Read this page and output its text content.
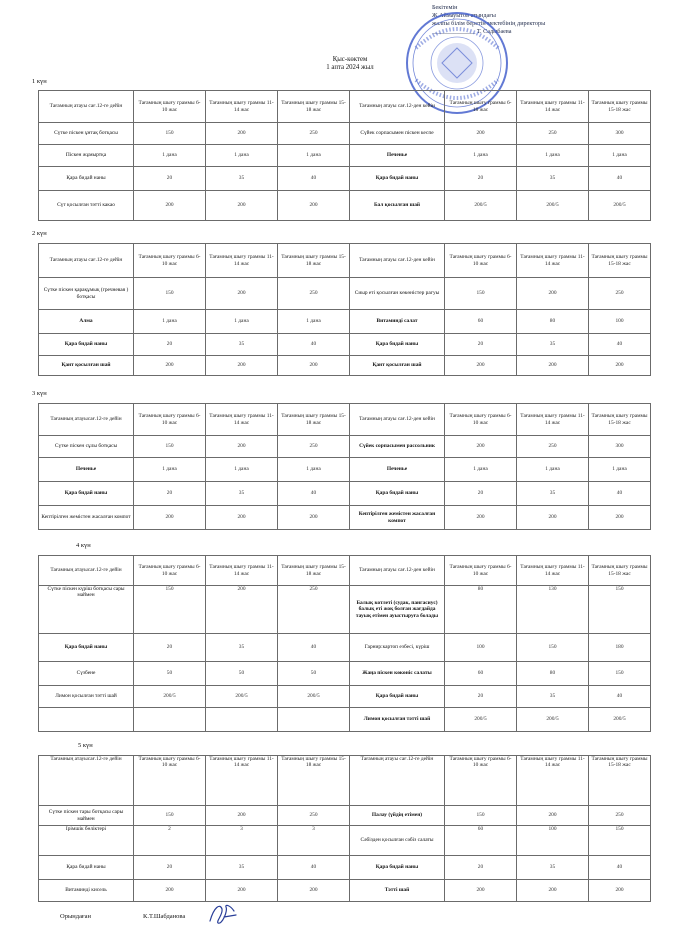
Бекітемін
Ж.Аймауытов атындағы
жалпы білім беретін мектебінің директоры
______________ Т. Садыбаева
Қыс-көктем
1 апта 2024 жыл
1 күн
Тағамның атауы сағ.12-ге дейін	Тағамның шығу граммы 6-10 жас	Тағамның шығу граммы 11-14 жас	Тағамның шығу граммы 15-18 жас	Тағамның атауы сағ.12-ден кейін	Тағамның шығу граммы 6-10 жас	Тағамның шығу граммы 11-14 жас	Тағамның шығу граммы 15-18 жас
Сүтке піскен ұнтақ ботқасы	150	200	250	Сүйек сорпасымен піскен кеспе	200	250	300
Піскен жұмыртқа	1 дана	1 дана	1 дана	Печенье	1 дана	1 дана	1 дана
Қара бидай наны	20	35	40	Қара бидай наны	20	35	40
Сүт қосылған тәтті какао	200	200	200	Бал қосылған шай	200/5	200/5	200/5
2 күн
Тағамның атауы сағ.12-ге дейін	Тағамның шығу граммы 6-10 жас	Тағамның шығу граммы 11-14 жас	Тағамның шығу граммы 15-18 жас	Тағамның атауы сағ.12-ден кейін	Тағамның шығу граммы 6-10 жас	Тағамның шығу граммы 11-14 жас	Тағамның шығу граммы 15-18 жас
Сүтке піскен қарақұмық (гречневая ) ботқасы	150	200	250	Сиыр еті қосылған көкөністер рагуы	150	200	250
Алма	1 дана	1 дана	1 дана	Витаминді салат	60	80	100
Қара бидай наны	20	35	40	Қара бидай наны	20	35	40
Қант қосылған шай	200	200	200	Қант қосылған шай	200	200	200
3 күн
Тағамның атауысағ.12-ге дейін	Тағамның шығу граммы 6-10 жас	Тағамның шығу граммы 11-14 жас	Тағамның шығу граммы 15-18 жас	Тағамның атауы сағ.12-ден кейін	Тағамның шығу граммы 6-10 жас	Тағамның шығу граммы 11-14 жас	Тағамның шығу граммы 15-18 жас
Сүтке піскен сұлы ботқасы	150	200	250	Сүйек сорпасымен рассольник	200	250	300
Печенье	1 дана	1 дана	1 дана	Печенье	1 дана	1 дана	1 дана
Қара бидай наны	20	35	40	Қара бидай наны	20	35	40
Кептірілген жемістен жасалған компот	200	200	200	Кептірілген жемістен жасалған компот	200	200	200
4 күн
Тағамның атауысағ.12-ге дейін	Тағамның шығу граммы 6-10 жас	Тағамның шығу граммы 11-14 жас	Тағамның шығу граммы 15-18 жас	Тағамның атауы сағ.12-ден кейін	Тағамның шығу граммы 6-10 жас	Тағамның шығу граммы 11-14 жас	Тағамның шығу граммы 15-18 жас
Сүтке піскен күріш ботқасы сары маймен	150	200	250	Балық котлеті (судак, пангасиус) балық еті жоқ болған жағдайда тауық етімен ауыстыруға болады	80	130	150
Қара бидай наны	20	35	40	Гарнир:картоп езбесі, күріш	100	150	180
Сүзбене	50	50	50	Жаңа піскен көкөніс салаты	60	80	150
Лимон қосылған тәтті шай	200/5	200/5	200/5	Қара бидай наны	20	35	40
				Лимон қосылған тәтті шай	200/5	200/5	200/5
5 күн
Тағамның атауысағ.12-ге дейін	Тағамның шығу граммы 6-10 жас	Тағамның шығу граммы 11-14 жас	Тағамның шығу граммы 15-18 жас	Тағамның атауы сағ.12-ге дейін	Тағамның шығу граммы 6-10 жас	Тағамның шығу граммы 11-14 жас	Тағамның шығу граммы 15-18 жас
Сүтке піскен тары ботқасы сары маймен	150	200	250	Палау (үйдің етімен)	150	200	250
Ірімшік бөліктері	2	3	3	Сәбізден қосылған сәбіз салаты	60	100	150
Қара бидай наны	20	35	40	Қара бидай наны	20	35	40
Витаминді кисель	200	200	200	Тәтті шай	200	200	200
Орындаған	К.Т.Шабданова
